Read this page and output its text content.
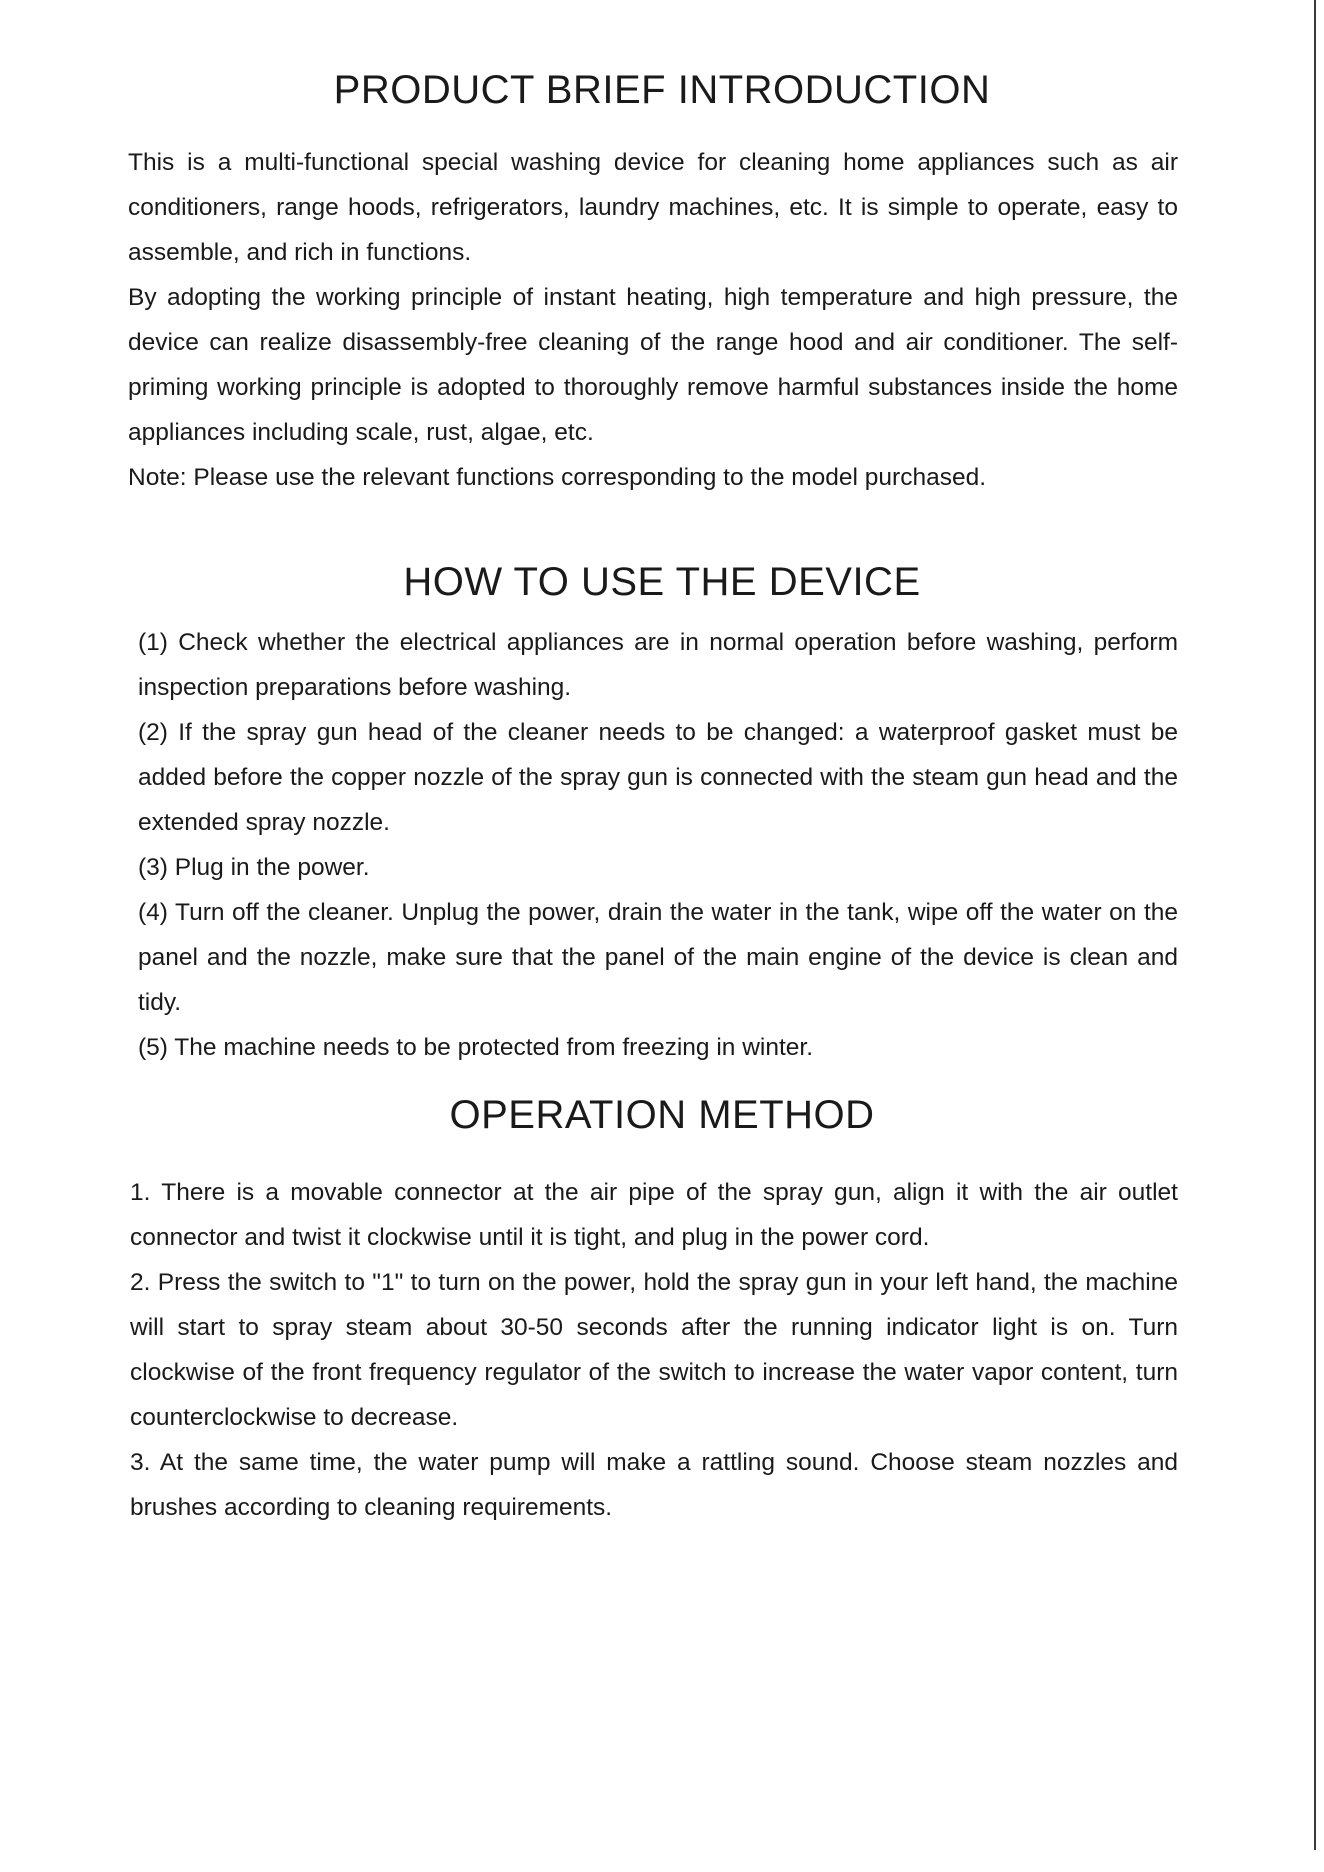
PRODUCT BRIEF INTRODUCTION

This is a multi-functional special washing device for cleaning home appliances such as air conditioners, range hoods, refrigerators, laundry machines, etc. It is simple to operate, easy to assemble, and rich in functions.

By adopting the working principle of instant heating, high temperature and high pressure, the device can realize disassembly-free cleaning of the range hood and air conditioner. The self-priming working principle is adopted to thoroughly remove harmful substances inside the home appliances including scale, rust, algae, etc.

Note: Please use the relevant functions corresponding to the model purchased.

HOW TO USE THE DEVICE

(1) Check whether the electrical appliances are in normal operation before washing, perform inspection preparations before washing.

(2) If the spray gun head of the cleaner needs to be changed: a waterproof gasket must be added before the copper nozzle of the spray gun is connected with the steam gun head and the extended spray nozzle.

(3) Plug in the power.

(4) Turn off the cleaner. Unplug the power, drain the water in the tank, wipe off the water on the panel and the nozzle, make sure that the panel of the main engine of the device is clean and tidy.

(5) The machine needs to be protected from freezing in winter.

OPERATION METHOD

1. There is a movable connector at the air pipe of the spray gun, align it with the air outlet connector and twist it clockwise until it is tight, and plug in the power cord.

2. Press the switch to "1" to turn on the power, hold the spray gun in your left hand, the machine will start to spray steam about 30-50 seconds after the running indicator light is on. Turn clockwise of the front frequency regulator of the switch to increase the water vapor content, turn counterclockwise to decrease.

3. At the same time, the water pump will make a rattling sound. Choose steam nozzles and brushes according to cleaning requirements.
